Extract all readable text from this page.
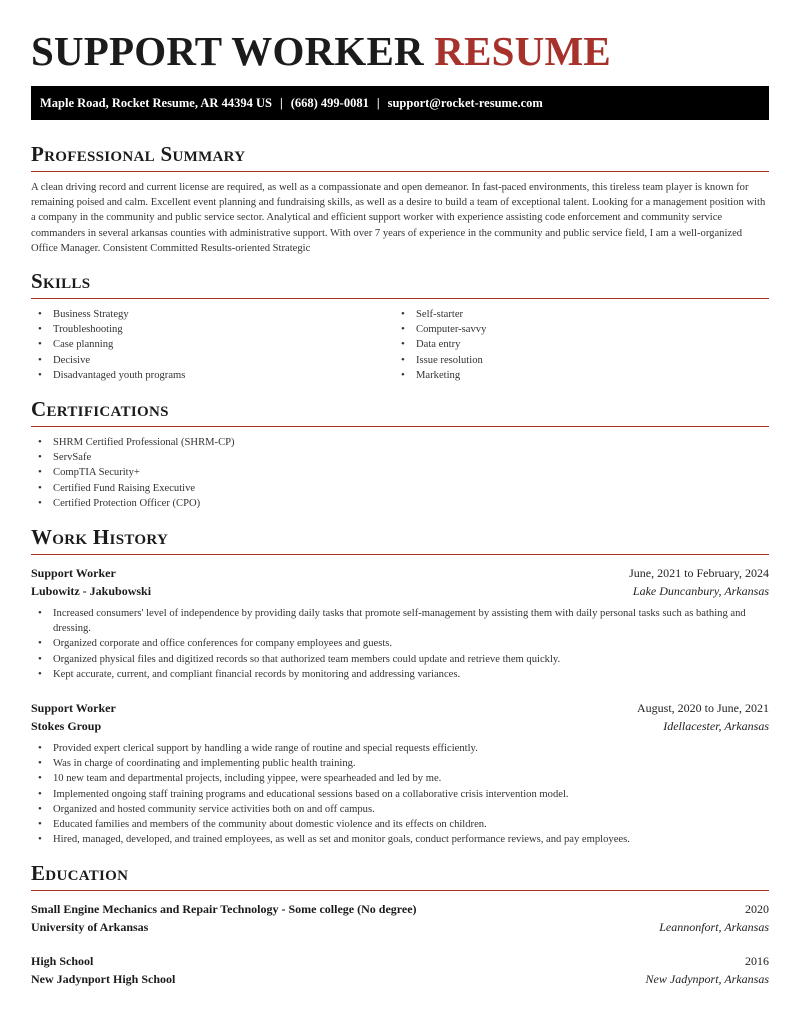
SUPPORT WORKER RESUME
Maple Road, Rocket Resume, AR 44394 US | (668) 499-0081 | support@rocket-resume.com
Professional Summary

A clean driving record and current license are required, as well as a compassionate and open demeanor. In fast-paced environments, this tireless team player is known for remaining poised and calm. Excellent event planning and fundraising skills, as well as a desire to build a team of exceptional talent. Looking for a management position with a company in the community and public service sector. Analytical and efficient support worker with experience assisting code enforcement and community service commanders in several arkansas counties with administrative support. With over 7 years of experience in the community and public service field, I am a well-organized Office Manager. Consistent Committed Results-oriented Strategic

Skills
• Business Strategy
• Troubleshooting
• Case planning
• Decisive
• Disadvantaged youth programs
• Self-starter
• Computer-savvy
• Data entry
• Issue resolution
• Marketing
Certifications
• SHRM Certified Professional (SHRM-CP)
• ServSafe
• CompTIA Security+
• Certified Fund Raising Executive
• Certified Protection Officer (CPO)
Work History
Support Worker	June, 2021 to February, 2024
Lubowitz - Jakubowski	Lake Duncanbury, Arkansas
• Increased consumers' level of independence by providing daily tasks that promote self-management by assisting them with daily personal tasks such as bathing and dressing.
• Organized corporate and office conferences for company employees and guests.
• Organized physical files and digitized records so that authorized team members could update and retrieve them quickly.
• Kept accurate, current, and compliant financial records by monitoring and addressing variances.
Support Worker	August, 2020 to June, 2021
Stokes Group	Idellacester, Arkansas
• Provided expert clerical support by handling a wide range of routine and special requests efficiently.
• Was in charge of coordinating and implementing public health training.
• 10 new team and departmental projects, including yippee, were spearheaded and led by me.
• Implemented ongoing staff training programs and educational sessions based on a collaborative crisis intervention model.
• Organized and hosted community service activities both on and off campus.
• Educated families and members of the community about domestic violence and its effects on children.
• Hired, managed, developed, and trained employees, as well as set and monitor goals, conduct performance reviews, and pay employees.
Education
Small Engine Mechanics and Repair Technology - Some college (No degree)	2020
University of Arkansas	Leannonfort, Arkansas
High School	2016
New Jadynport High School	New Jadynport, Arkansas
